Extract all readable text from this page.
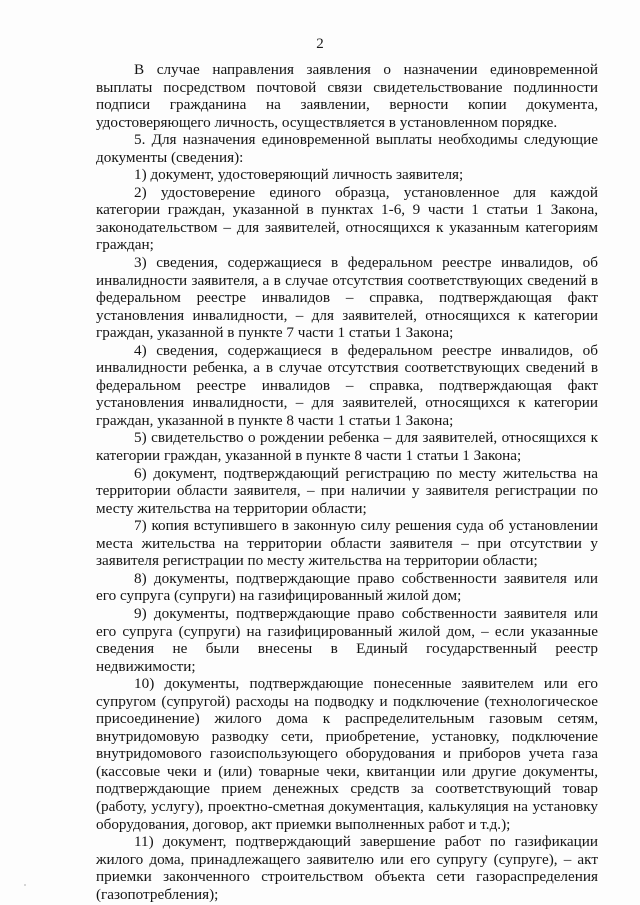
2

В случае направления заявления о назначении единовременной выплаты посредством почтовой связи свидетельствование подлинности подписи гражданина на заявлении, верности копии документа, удостоверяющего личность, осуществляется в установленном порядке.

5. Для назначения единовременной выплаты необходимы следующие документы (сведения):

1) документ, удостоверяющий личность заявителя;

2) удостоверение единого образца, установленное для каждой категории граждан, указанной в пунктах 1-6, 9 части 1 статьи 1 Закона, законодательством – для заявителей, относящихся к указанным категориям граждан;

3) сведения, содержащиеся в федеральном реестре инвалидов, об инвалидности заявителя, а в случае отсутствия соответствующих сведений в федеральном реестре инвалидов – справка, подтверждающая факт установления инвалидности, – для заявителей, относящихся к категории граждан, указанной в пункте 7 части 1 статьи 1 Закона;

4) сведения, содержащиеся в федеральном реестре инвалидов, об инвалидности ребенка, а в случае отсутствия соответствующих сведений в федеральном реестре инвалидов – справка, подтверждающая факт установления инвалидности, – для заявителей, относящихся к категории граждан, указанной в пункте 8 части 1 статьи 1 Закона;

5) свидетельство о рождении ребенка – для заявителей, относящихся к категории граждан, указанной в пункте 8 части 1 статьи 1 Закона;

6) документ, подтверждающий регистрацию по месту жительства на территории области заявителя, – при наличии у заявителя регистрации по месту жительства на территории области;

7) копия вступившего в законную силу решения суда об установлении места жительства на территории области заявителя – при отсутствии у заявителя регистрации по месту жительства на территории области;

8) документы, подтверждающие право собственности заявителя или его супруга (супруги) на газифицированный жилой дом;

9) документы, подтверждающие право собственности заявителя или его супруга (супруги) на газифицированный жилой дом, – если указанные сведения не были внесены в Единый государственный реестр недвижимости;

10) документы, подтверждающие понесенные заявителем или его супругом (супругой) расходы на подводку и подключение (технологическое присоединение) жилого дома к распределительным газовым сетям, внутридомовую разводку сети, приобретение, установку, подключение внутридомового газоиспользующего оборудования и приборов учета газа (кассовые чеки и (или) товарные чеки, квитанции или другие документы, подтверждающие прием денежных средств за соответствующий товар (работу, услугу), проектно-сметная документация, калькуляция на установку оборудования, договор, акт приемки выполненных работ и т.д.);

11) документ, подтверждающий завершение работ по газификации жилого дома, принадлежащего заявителю или его супругу (супруге), – акт приемки законченного строительством объекта сети газораспределения (газопотребления);
